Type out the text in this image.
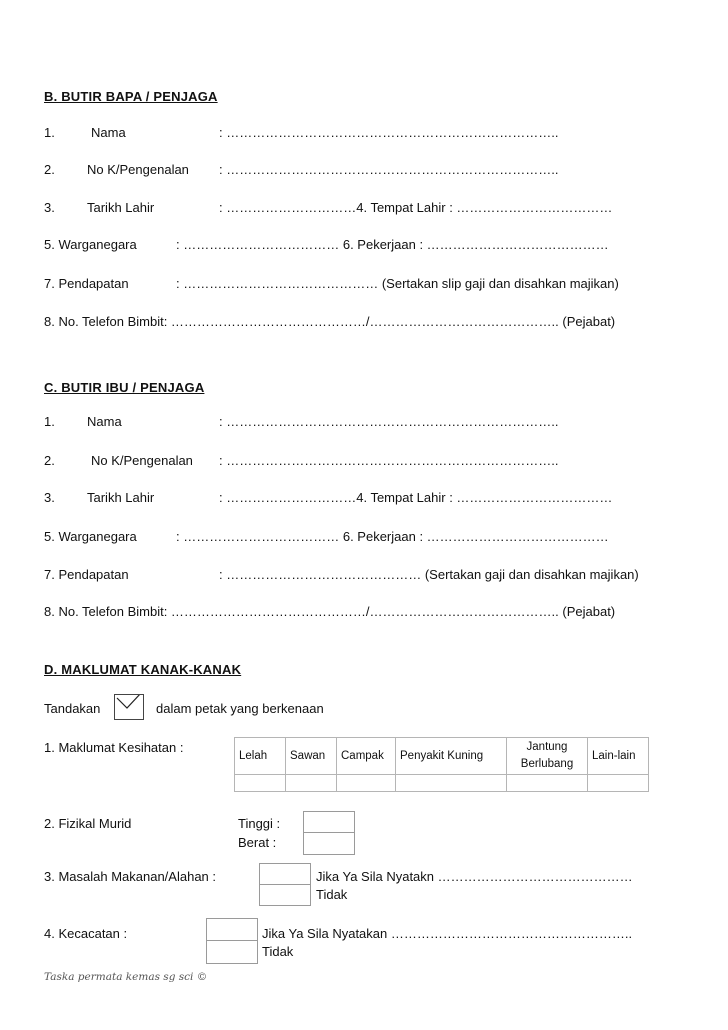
B. BUTIR BAPA / PENJAGA
1.	Nama	: …………………………………………………………………..
2. No K/Pengenalan : …………………………………………………………………..
3. Tarikh Lahir	: …………………………4. Tempat Lahir : ………………………………
5. Warganegara	: ……………………………… 6. Pekerjaan : ……………………………………
7. Pendapatan	: ……………………………………… (Sertakan slip gaji dan disahkan majikan)
8. No. Telefon Bimbit: ………………………………………/…………………………………….. (Pejabat)
C. BUTIR IBU / PENJAGA
1. Nama	: …………………………………………………………………..
2.	No K/Pengenalan : …………………………………………………………………..
3. Tarikh Lahir	: …………………………4. Tempat Lahir : ………………………………
5. Warganegara	: ……………………………… 6. Pekerjaan : ……………………………………
7. Pendapatan	: ……………………………………… (Sertakan gaji dan disahkan majikan)
8. No. Telefon Bimbit: ………………………………………/…………………………………….. (Pejabat)
D. MAKLUMAT KANAK-KANAK
Tandakan	dalam petak yang berkenaan
1. Maklumat Kesihatan :
Lelah	Sawan	Campak	Penyakit Kuning	Jantung Berlubang	Lain-lain

2. Fizikal Murid	Tinggi :
Berat :
3. Masalah Makanan/Alahan :	Jika Ya Sila Nyatakn ………………………………………
Tidak
4. Kecacatan :	Jika Ya Sila Nyatakan ………………………………………………..
Tidak
Taska permata kemas sg sci ©
